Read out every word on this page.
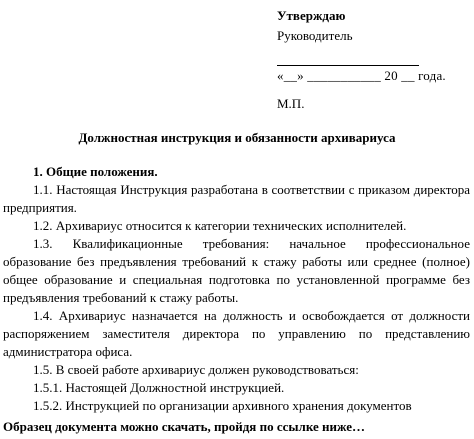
Утверждаю
Руководитель
«__» ___________ 20 __ года.
М.П.
Должностная инструкция и обязанности архивариуса

1. Общие положения.

1.1. Настоящая Инструкция разработана в соответствии с приказом директора предприятия.

1.2. Архивариус относится к категории технических исполнителей.

1.3. Квалификационные требования: начальное профессиональное образование без предъявления требований к стажу работы или среднее (полное) общее образование и специальная подготовка по установленной программе без предъявления требований к стажу работы.

1.4. Архивариус назначается на должность и освобождается от должности распоряжением заместителя директора по управлению по представлению администратора офиса.

1.5. В своей работе архивариус должен руководствоваться:

1.5.1. Настоящей Должностной инструкцией.

1.5.2. Инструкцией по организации архивного хранения документов

Образец документа можно скачать, пройдя по ссылке ниже…
